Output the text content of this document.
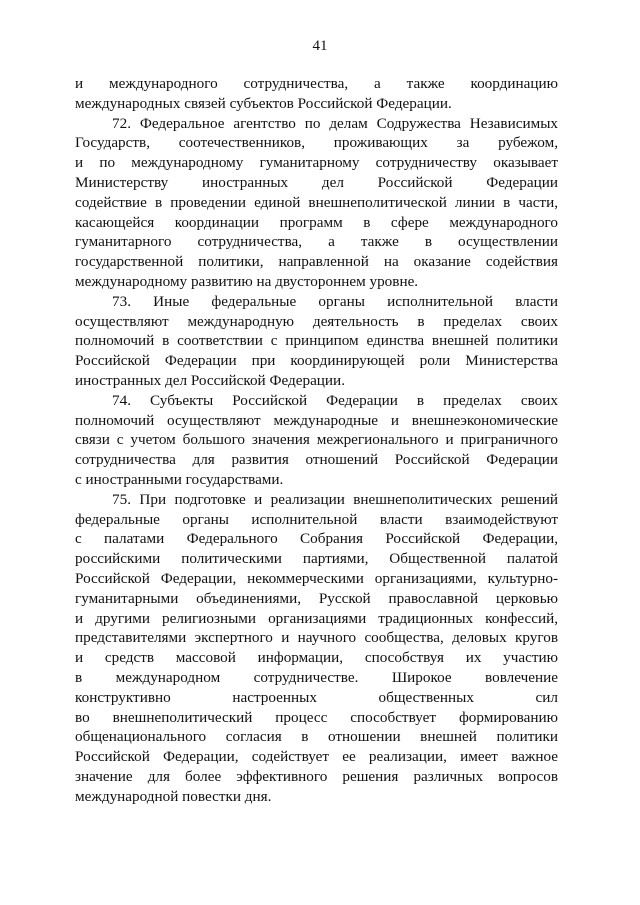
41
и международного сотрудничества, а также координацию
международных связей субъектов Российской Федерации.
72. Федеральное агентство по делам Содружества Независимых
Государств, соотечественников, проживающих за рубежом,
и по международному гуманитарному сотрудничеству оказывает
Министерству иностранных дел Российской Федерации
содействие в проведении единой внешнеполитической линии в части,
касающейся координации программ в сфере международного
гуманитарного сотрудничества, а также в осуществлении
государственной политики, направленной на оказание содействия
международному развитию на двустороннем уровне.
73. Иные федеральные органы исполнительной власти
осуществляют международную деятельность в пределах своих
полномочий в соответствии с принципом единства внешней политики
Российской Федерации при координирующей роли Министерства
иностранных дел Российской Федерации.
74. Субъекты Российской Федерации в пределах своих
полномочий осуществляют международные и внешнеэкономические
связи с учетом большого значения межрегионального и приграничного
сотрудничества для развития отношений Российской Федерации
с иностранными государствами.
75. При подготовке и реализации внешнеполитических решений
федеральные органы исполнительной власти взаимодействуют
с палатами Федерального Собрания Российской Федерации,
российскими политическими партиями, Общественной палатой
Российской Федерации, некоммерческими организациями, культурно-
гуманитарными объединениями, Русской православной церковью
и другими религиозными организациями традиционных конфессий,
представителями экспертного и научного сообщества, деловых кругов
и средств массовой информации, способствуя их участию
в международном сотрудничестве. Широкое вовлечение
конструктивно настроенных общественных сил
во внешнеполитический процесс способствует формированию
общенационального согласия в отношении внешней политики
Российской Федерации, содействует ее реализации, имеет важное
значение для более эффективного решения различных вопросов
международной повестки дня.
